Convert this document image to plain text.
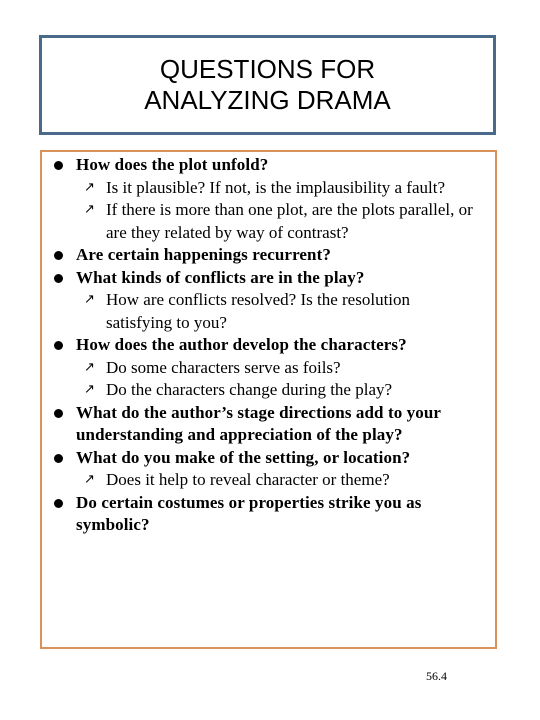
QUESTIONS FOR
ANALYZING DRAMA
How does the plot unfold?
↗ Is it plausible? If not, is the implausibility a fault?
↗ If there is more than one plot, are the plots parallel, or are they related by way of contrast?
Are certain happenings recurrent?
What kinds of conflicts are in the play?
↗ How are conflicts resolved? Is the resolution satisfying to you?
How does the author develop the characters?
↗ Do some characters serve as foils?
↗ Do the characters change during the play?
What do the author’s stage directions add to your understanding and appreciation of the play?
What do you make of the setting, or location?
↗ Does it help to reveal character or theme?
Do certain costumes or properties strike you as symbolic?
56.4
